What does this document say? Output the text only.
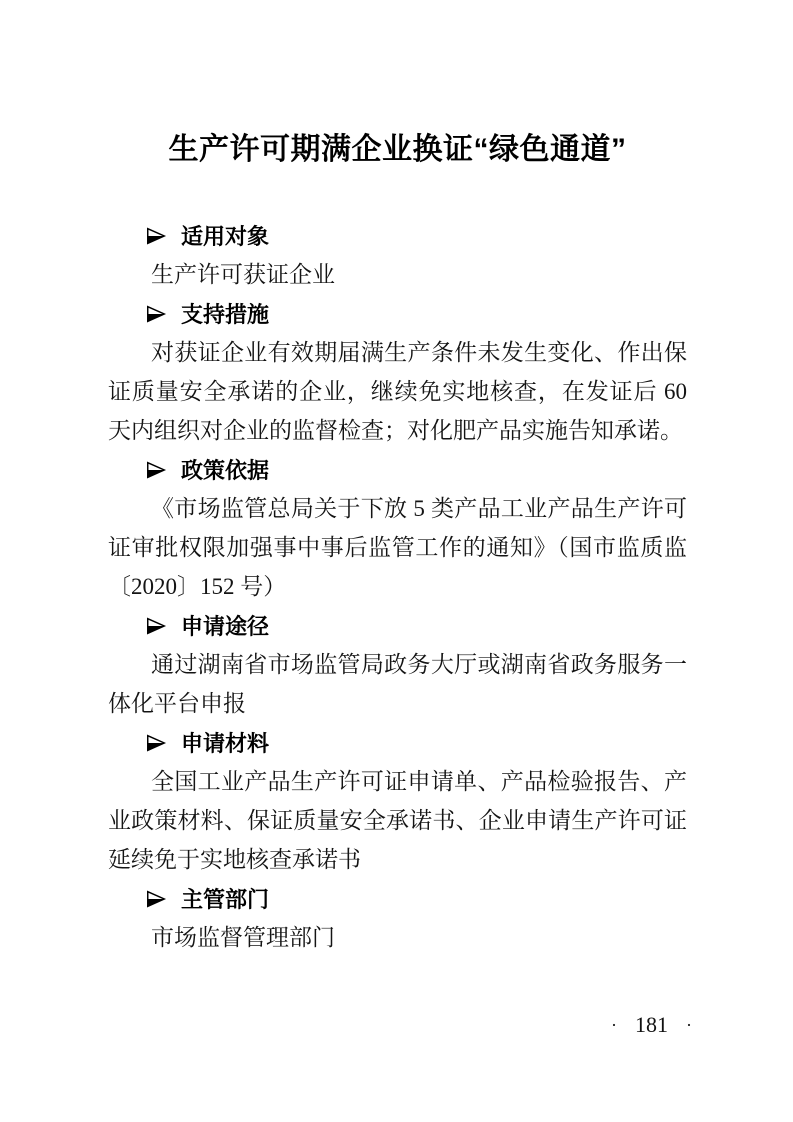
生产许可期满企业换证“绿色通道”
适用对象

生产许可获证企业

支持措施

对获证企业有效期届满生产条件未发生变化、作出保证质量安全承诺的企业，继续免实地核查，在发证后 60 天内组织对企业的监督检查；对化肥产品实施告知承诺。

政策依据

《市场监管总局关于下放 5 类产品工业产品生产许可证审批权限加强事中事后监管工作的通知》（国市监质监〔2020〕152 号）

申请途径

通过湖南省市场监管局政务大厅或湖南省政务服务一体化平台申报

申请材料

全国工业产品生产许可证申请单、产品检验报告、产业政策材料、保证质量安全承诺书、企业申请生产许可证延续免于实地核查承诺书

主管部门

市场监督管理部门

· 181 ·
